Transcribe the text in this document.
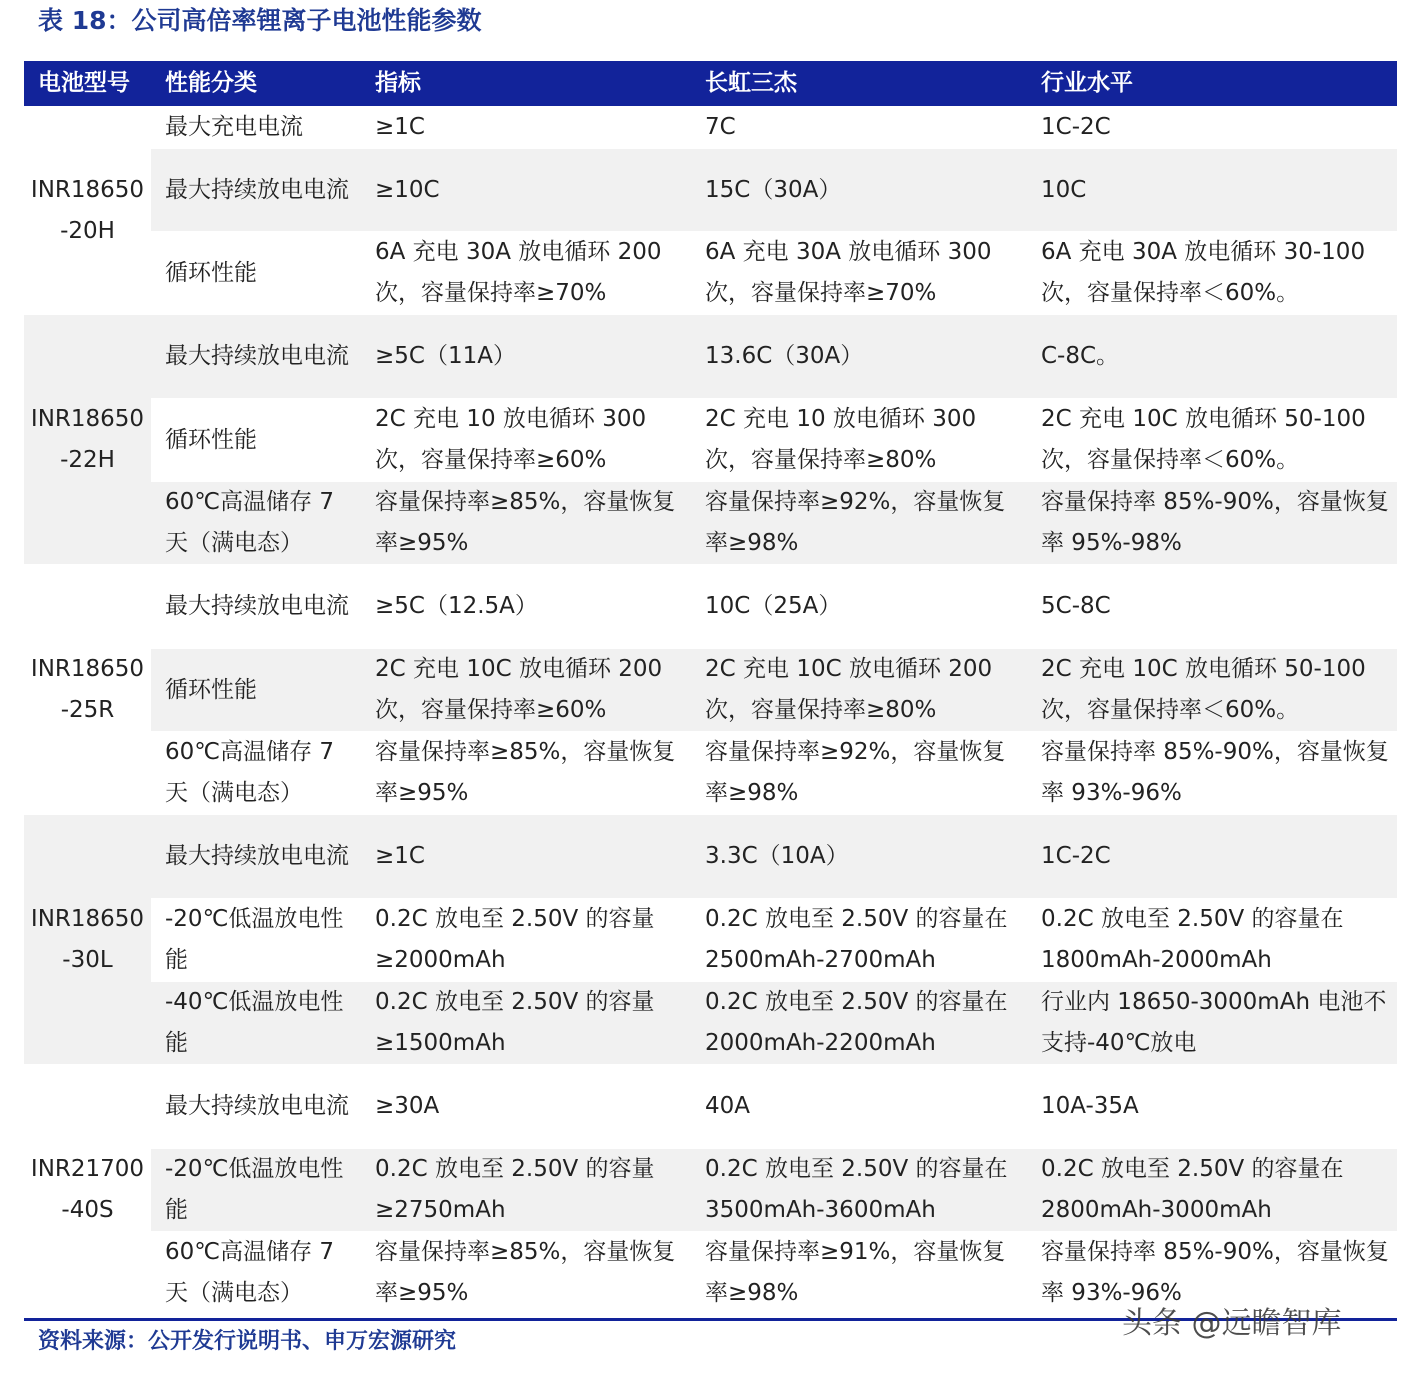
表 18：公司高倍率锂离子电池性能参数
电池型号	性能分类	指标	长虹三杰	行业水平
INR18650-20H	最大充电电流	≥1C	7C	1C-2C
	最大持续放电电流	≥10C	15C（30A）	10C
	循环性能	6A 充电 30A 放电循环 200 次，容量保持率≥70%	6A 充电 30A 放电循环 300 次，容量保持率≥70%	6A 充电 30A 放电循环 30-100 次，容量保持率＜60%。
INR18650-22H	最大持续放电电流	≥5C（11A）	13.6C（30A）	C-8C。
	循环性能	2C 充电 10 放电循环 300 次，容量保持率≥60%	2C 充电 10 放电循环 300 次，容量保持率≥80%	2C 充电 10C 放电循环 50-100 次，容量保持率＜60%。
	60℃高温储存 7 天（满电态）	容量保持率≥85%，容量恢复率≥95%	容量保持率≥92%，容量恢复率≥98%	容量保持率 85%-90%，容量恢复率 95%-98%
INR18650-25R	最大持续放电电流	≥5C（12.5A）	10C（25A）	5C-8C
	循环性能	2C 充电 10C 放电循环 200 次，容量保持率≥60%	2C 充电 10C 放电循环 200 次，容量保持率≥80%	2C 充电 10C 放电循环 50-100 次，容量保持率＜60%。
	60℃高温储存 7 天（满电态）	容量保持率≥85%，容量恢复率≥95%	容量保持率≥92%，容量恢复率≥98%	容量保持率 85%-90%，容量恢复率 93%-96%
INR18650-30L	最大持续放电电流	≥1C	3.3C（10A）	1C-2C
	-20℃低温放电性能	0.2C 放电至 2.50V 的容量≥2000mAh	0.2C 放电至 2.50V 的容量在 2500mAh-2700mAh	0.2C 放电至 2.50V 的容量在 1800mAh-2000mAh
	-40℃低温放电性能	0.2C 放电至 2.50V 的容量≥1500mAh	0.2C 放电至 2.50V 的容量在 2000mAh-2200mAh	行业内 18650-3000mAh 电池不支持-40℃放电
INR21700-40S	最大持续放电电流	≥30A	40A	10A-35A
	-20℃低温放电性能	0.2C 放电至 2.50V 的容量≥2750mAh	0.2C 放电至 2.50V 的容量在 3500mAh-3600mAh	0.2C 放电至 2.50V 的容量在 2800mAh-3000mAh
	60℃高温储存 7 天（满电态）	容量保持率≥85%，容量恢复率≥95%	容量保持率≥91%，容量恢复率≥98%	容量保持率 85%-90%，容量恢复率 93%-96%
资料来源：公开发行说明书、申万宏源研究
头条 @远瞻智库
